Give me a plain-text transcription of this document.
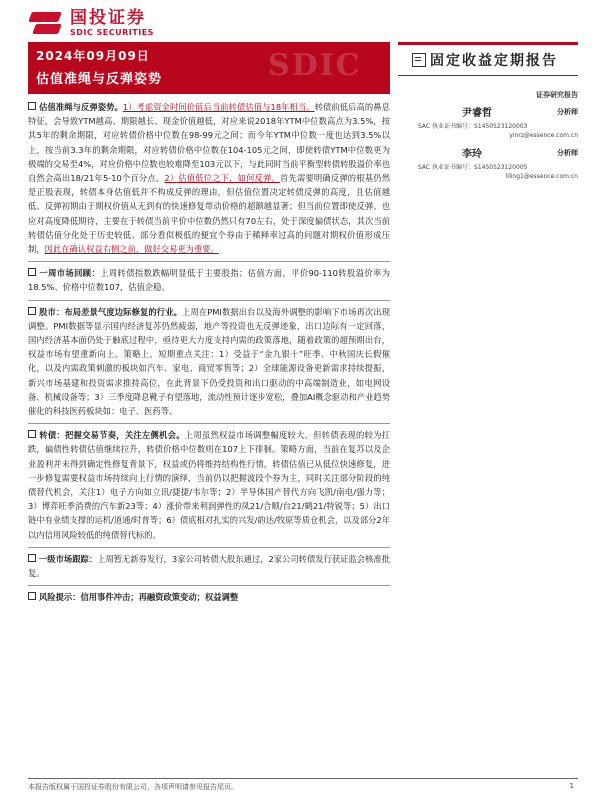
国投证券
SDIC SECURITIES
SDIC
2024年09月09日
估值准绳与反弹姿势
固定收益定期报告

估值准绳与反弹姿势。1）考虑资金时间价值后当前转债估值与18年相当。转债前低后高的鼻息特征，会导致YTM越高、期限越长、现金价值越低，对应来说2018年YTM中位数高点为3.5%，按其5年的剩余期限，对应转债价格中位数在98-99元之间；而今年YTM中位数一度也达到3.5%以上，按当前3.3年的剩余期限，对应转债价格中位数在104-105元之间，即使转债YTM中位数更为极端的交易至4%，对应价格中位数也较难降至103元以下，与此同时当前平衡型转债转股溢价率也自然会高出18/21年5-10个百分点。2）估值低位之下，如何反弹。首先需要明确反弹的根基仍然是正股表现，转债本身估值低并不构成反弹的理由，但估值位置决定转债反弹的高度，且估值越低、反弹初期由于期权价值从无到有的快速修复带动价格的超额越显著；但当前位置即使反弹、也应对高度降低期待，主要在于转债当前平价中位数仍然只有70左右，处于深度偏债状态，其次当前转债估值分化处于历史较低、部分看似极低的便宜个券由于稀释率过高的问题对期权价值形成压制，因此在确认权益右侧之前，做好交易更为重要。

一周市场回顾：上周转债指数跌幅明显低于主要股指；估值方面，平价90-110转股溢价率为18.5%、价格中位数107，估值企稳。

股市：布局差景气度边际修复的行业。上周在PMI数据出台以及海外调整的影响下市场再次出现调整。PMI数据等显示国内经济复苏仍然疲弱，地产等投资也无反弹迹象，出口边际有一定回落，国内经济基本面仍处于触底过程中，亟待更大力度支持内需的政策落地，随着政策的超预期出台，权益市场有望重新向上。策略上，短期重点关注：1）受益于“金九银十”旺季、中秋国庆长假催化，以及内需政策刺激的板块如汽车、家电、商贸零售等；2）全球能源设备更新需求持续提振，新兴市场基建和投资需求推持高位，在此背景下仍受投资和出口驱动的中高端制造业，如电网设备、机械设备等；3）三季度降息靴子有望落地，流动性预计逐步宽松，叠加AI概念驱动和产业趋势催化的科技医药板块如：电子、医药等。

转债：把握交易节奏，关注左侧机会。上周虽然权益市场调整幅度较大，但转债表现的较为扛跌，偏债性转债估值继续拉升，转债价格中位数则在107上下徘徊。策略方面，当前在复苏以及企业盈利并未得到确定性修复背景下，权益或仍将维持结构性行情，转债估值已从低位快速修复，进一步修复需要权益市场持续向上行情的演绎，当前仍以把握波段个券为主，同时关注部分阶段的纯债替代机会，关注1）电子方向如立讯/捷捷/韦尔等；2）半导体国产替代方向飞凯/南电/强力等；3）博弈旺季消费的汽车新23等；4）涨价带来利润弹性的凤21/合顺/台21/鹤21/特锐等；5）出口链中有业绩支撑的运机/道通/时普等；6）债底相对扎实的兴发/韵达/牧原等质仓机会，以及部分2年以内信用风险较低的纯债替代标的。

一级市场跟踪：上周暂无新券发行，3家公司转债大股东通过，2家公司转债发行获证监会核准批复。

风险提示：信用事件冲击；再融资政策变动；权益调整

证券研究报告
尹睿哲	分析师
SAC 执业证书编号：S1450523120003
yinrz@essence.com.cn
李玲	分析师
SAC 执业证书编号：S1450523120005
liling1@essence.com.cn
本报告版权属于国投证券股份有限公司，各项声明请参见报告尾页。	1
